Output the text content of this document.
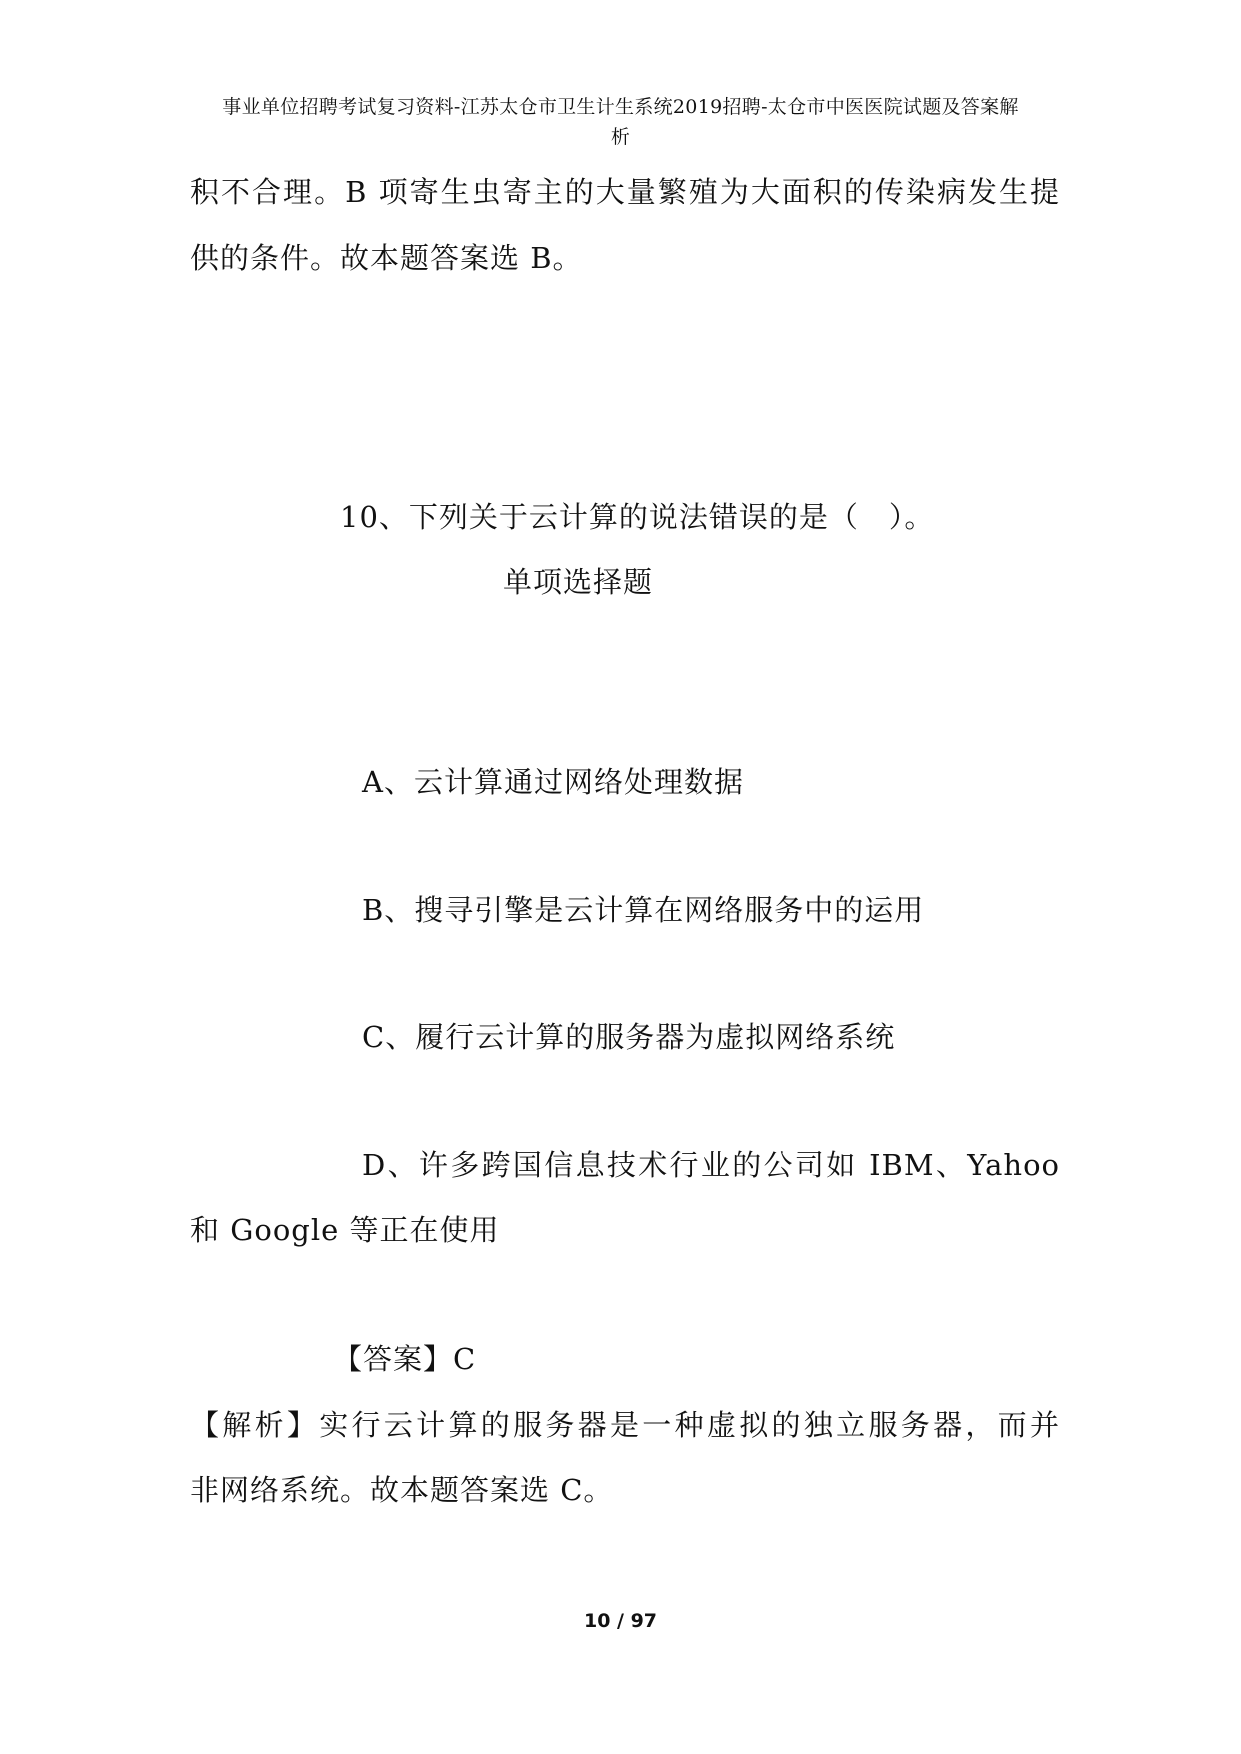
事业单位招聘考试复习资料-江苏太仓市卫生计生系统2019招聘-太仓市中医医院试题及答案解
析
积不合理。B 项寄生虫寄主的大量繁殖为大面积的传染病发生提
供的条件。故本题答案选 B。
10、下列关于云计算的说法错误的是（　）。
单项选择题
A、云计算通过网络处理数据
B、搜寻引擎是云计算在网络服务中的运用
C、履行云计算的服务器为虚拟网络系统
D、许多跨国信息技术行业的公司如 IBM、Yahoo
和 Google 等正在使用
【答案】C
【解析】实行云计算的服务器是一种虚拟的独立服务器，而并
非网络系统。故本题答案选 C。
10 / 97
